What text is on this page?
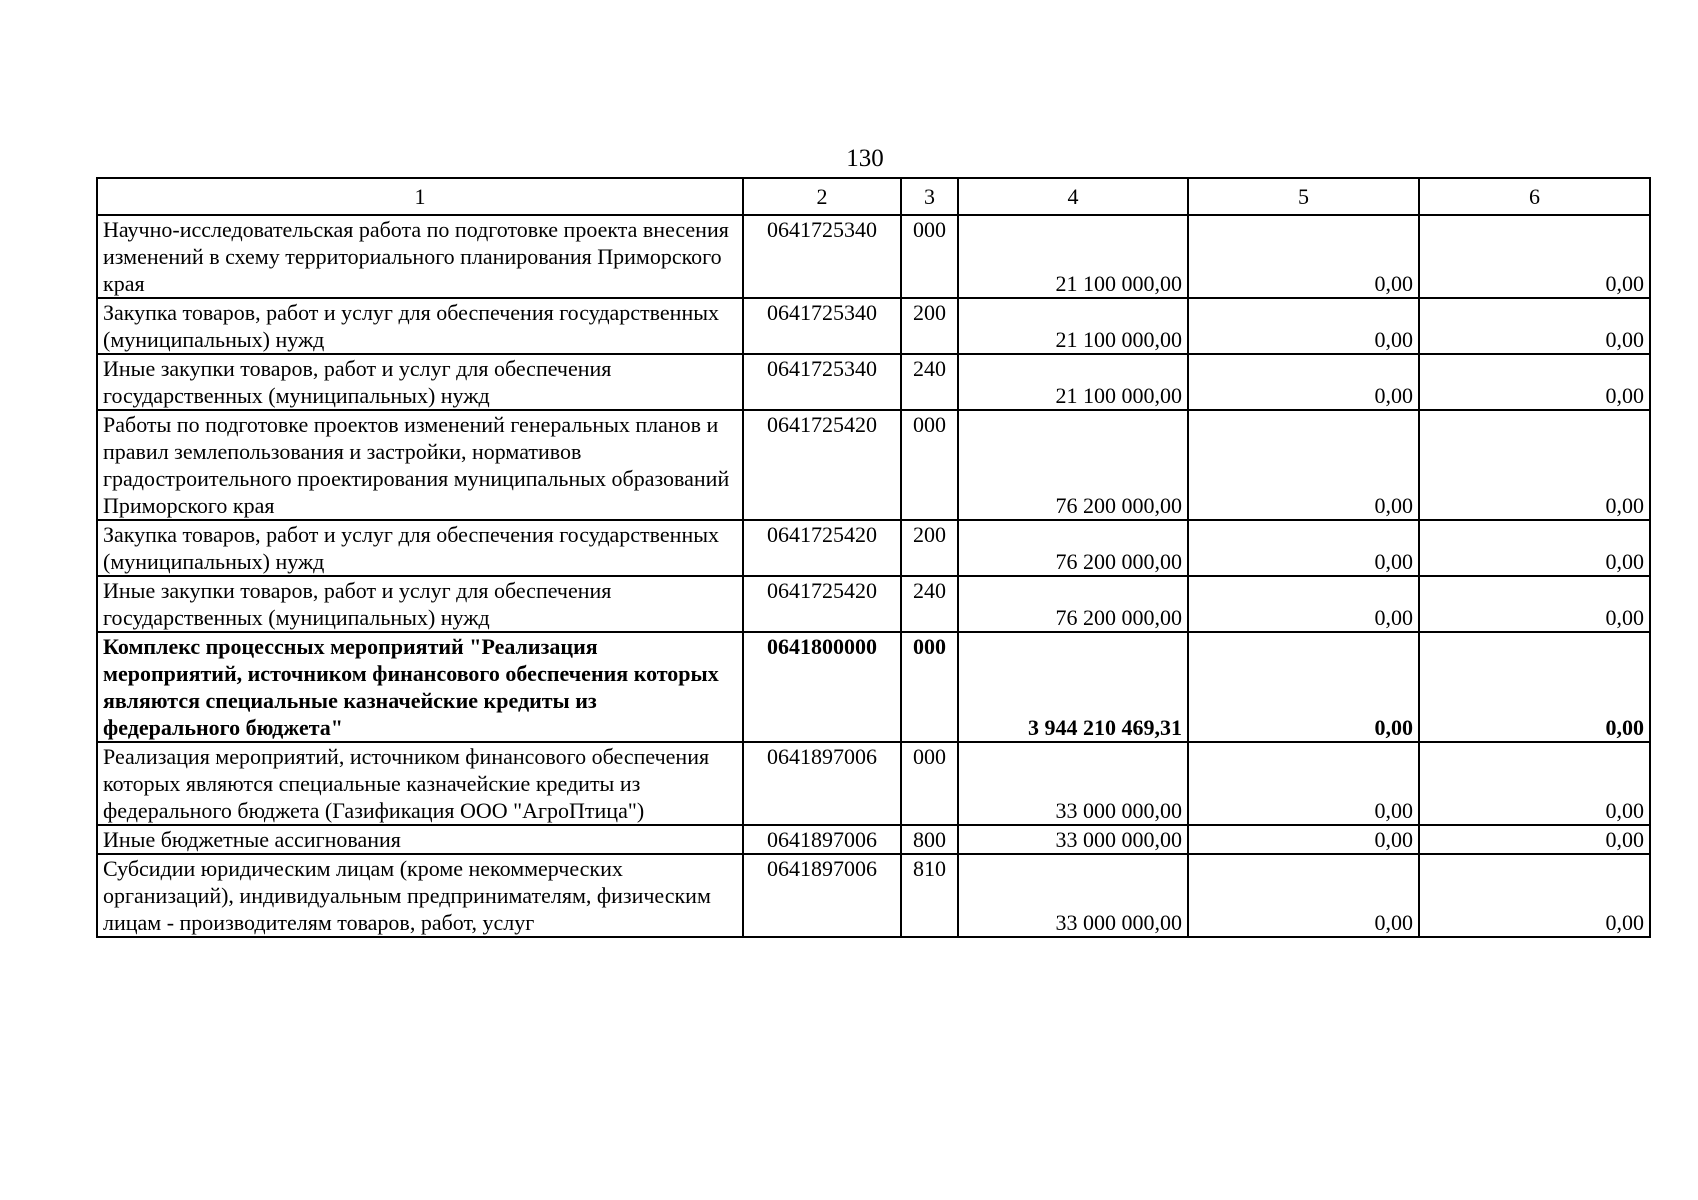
130
1	2	3	4	5	6
Научно-исследовательская работа по подготовке проекта внесения изменений в схему территориального планирования Приморского края	0641725340	000	21 100 000,00	0,00	0,00
Закупка товаров, работ и услуг для обеспечения государственных (муниципальных) нужд	0641725340	200	21 100 000,00	0,00	0,00
Иные закупки товаров, работ и услуг для обеспечения государственных (муниципальных) нужд	0641725340	240	21 100 000,00	0,00	0,00
Работы по подготовке проектов изменений генеральных планов и правил землепользования и застройки, нормативов градостроительного проектирования муниципальных образований Приморского края	0641725420	000	76 200 000,00	0,00	0,00
Закупка товаров, работ и услуг для обеспечения государственных (муниципальных) нужд	0641725420	200	76 200 000,00	0,00	0,00
Иные закупки товаров, работ и услуг для обеспечения государственных (муниципальных) нужд	0641725420	240	76 200 000,00	0,00	0,00
Комплекс процессных мероприятий "Реализация мероприятий, источником финансового обеспечения которых являются специальные казначейские кредиты из федерального бюджета"	0641800000	000	3 944 210 469,31	0,00	0,00
Реализация мероприятий, источником финансового обеспечения которых являются специальные казначейские кредиты из федерального бюджета (Газификация ООО "АгроПтица")	0641897006	000	33 000 000,00	0,00	0,00
Иные бюджетные ассигнования	0641897006	800	33 000 000,00	0,00	0,00
Субсидии юридическим лицам (кроме некоммерческих организаций), индивидуальным предпринимателям, физическим лицам - производителям товаров, работ, услуг	0641897006	810	33 000 000,00	0,00	0,00
